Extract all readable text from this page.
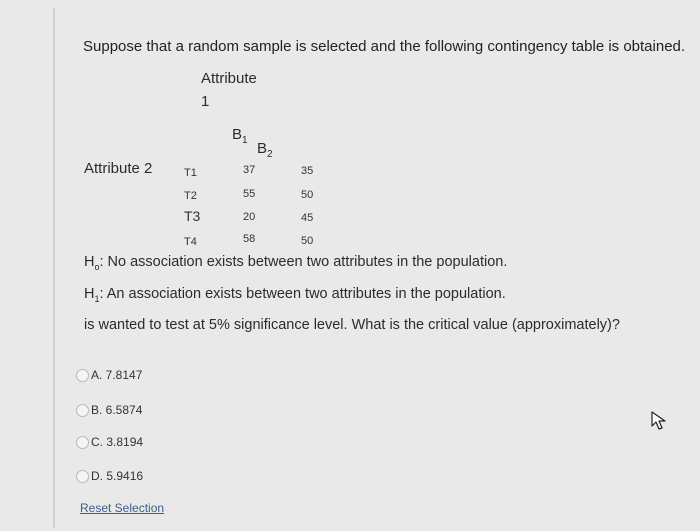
Suppose that a random sample is selected and the following contingency table is obtained.
Attribute
1
$B_1$ $B_2$
Attribute 2	T1	37	35
T2	55	50
T3	20	45
T4	58	50
$H_o$: No association exists between two attributes in the population.
$H_1$: An association exists between two attributes in the population.
is wanted to test at 5% significance level. What is the critical value (approximately)?
A. 7.8147
B. 6.5874
C. 3.8194
D. 5.9416
Reset Selection
